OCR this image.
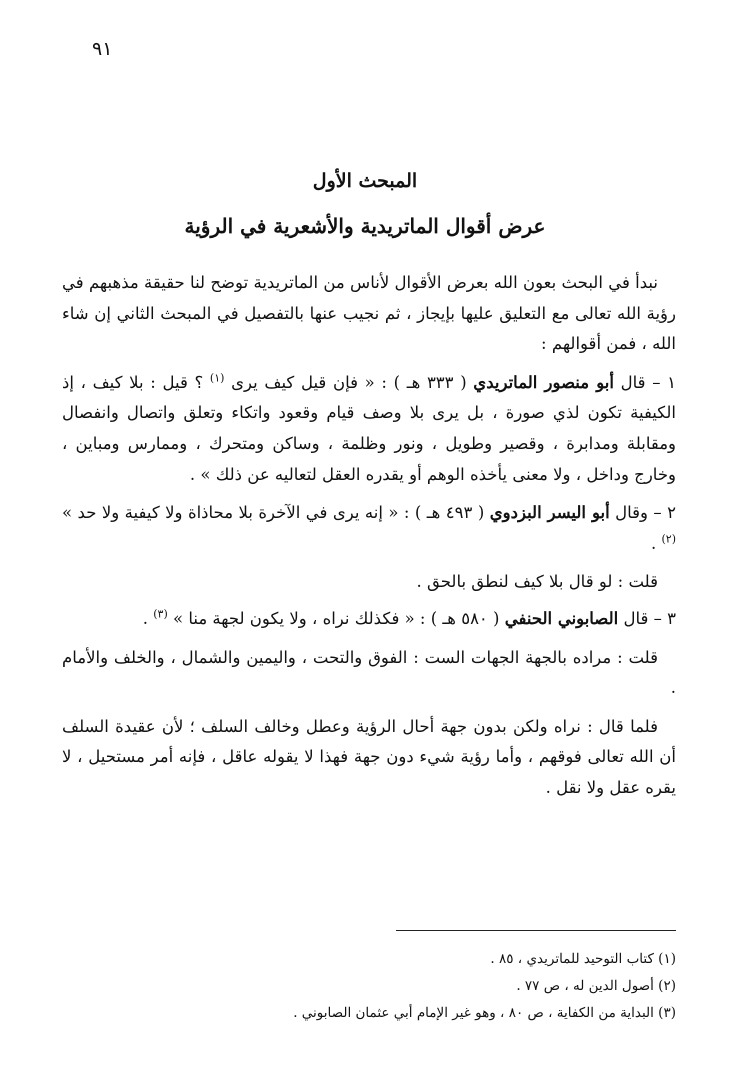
٩١
المبحث الأول
عرض أقوال الماتريدية والأشعرية في الرؤية

نبدأ في البحث بعون الله بعرض الأقوال لأناس من الماتريدية توضح لنا حقيقة مذهبهم في رؤية الله تعالى مع التعليق عليها بإيجاز ، ثم نجيب عنها بالتفصيل في المبحث الثاني إن شاء الله ، فمن أقوالهم :

١ – قال أبو منصور الماتريدي ( ٣٣٣ هـ ) : « فإن قيل كيف يرى $^{(١)}$ ؟ قيل : بلا كيف ، إذ الكيفية تكون لذي صورة ، بل يرى بلا وصف قيام وقعود واتكاء وتعلق واتصال وانفصال ومقابلة ومدابرة ، وقصير وطويل ، ونور وظلمة ، وساكن ومتحرك ، وممارس ومباين ، وخارج وداخل ، ولا معنى يأخذه الوهم أو يقدره العقل لتعاليه عن ذلك » .

٢ – وقال أبو اليسر البزدوي ( ٤٩٣ هـ ) : « إنه يرى في الآخرة بلا محاذاة ولا كيفية ولا حد » $^{(٢)}$ .

قلت : لو قال بلا كيف لنطق بالحق .

٣ – قال الصابوني الحنفي ( ٥٨٠ هـ ) : « فكذلك نراه ، ولا يكون لجهة منا » $^{(٣)}$ .

قلت : مراده بالجهة الجهات الست : الفوق والتحت ، واليمين والشمال ، والخلف والأمام .

فلما قال : نراه ولكن بدون جهة أحال الرؤية وعطل وخالف السلف ؛ لأن عقيدة السلف أن الله تعالى فوقهم ، وأما رؤية شيء دون جهة فهذا لا يقوله عاقل ، فإنه أمر مستحيل ، لا يقره عقل ولا نقل .

(١) كتاب التوحيد للماتريدي ، ٨٥ .
(٢) أصول الدين له ، ص ٧٧ .
(٣) البداية من الكفاية ، ص ٨٠ ، وهو غير الإمام أبي عثمان الصابوني .
